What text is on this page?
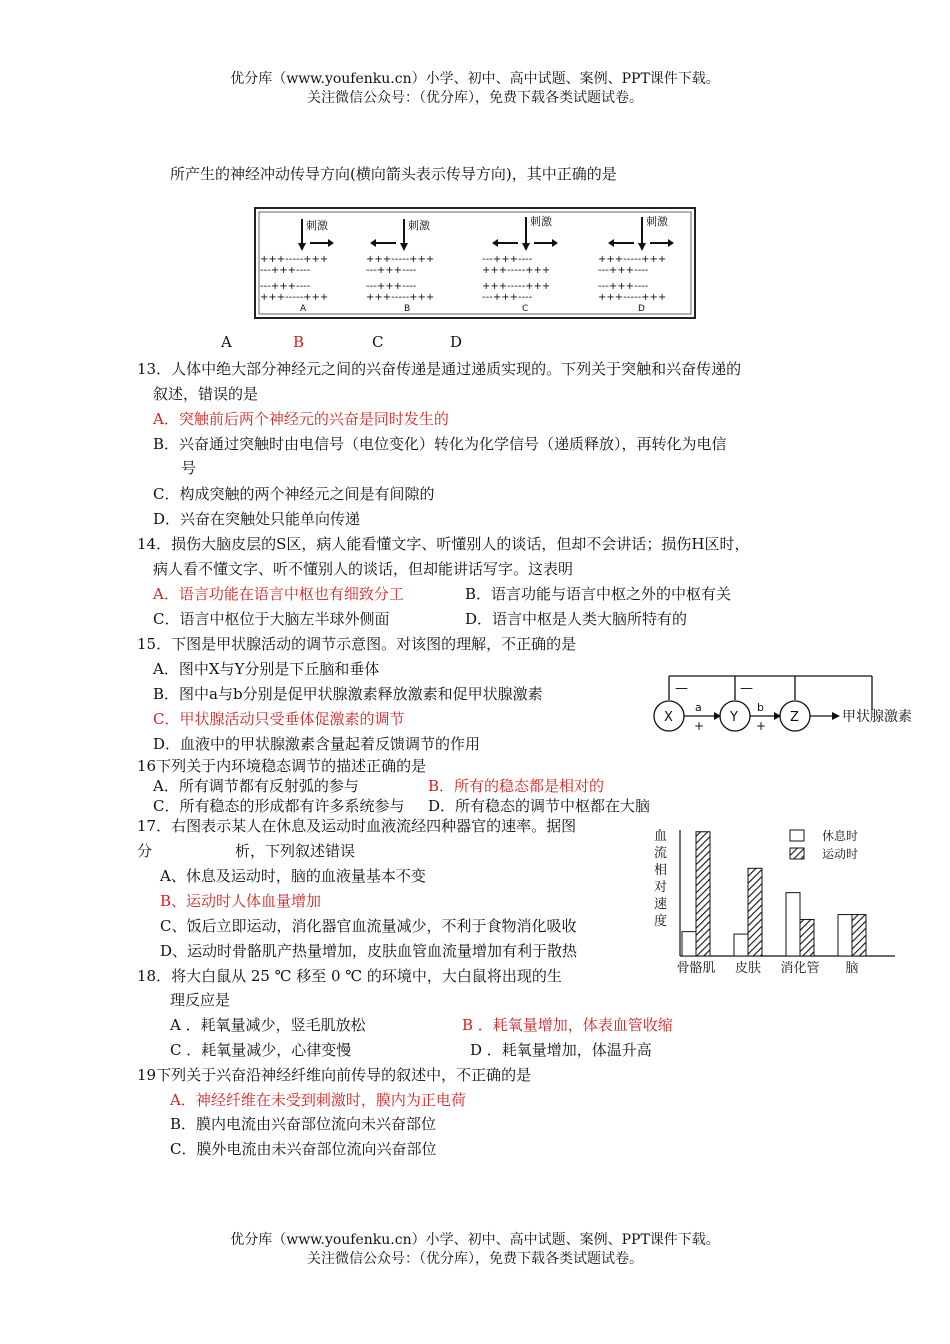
优分库（www.youfenku.cn）小学、初中、高中试题、案例、PPT课件下载。
关注微信公众号：（优分库），免费下载各类试题试卷。
所产生的神经冲动传导方向(横向箭头表示传导方向)，其中正确的是
刺激
+++-----+++
---+++----
---+++----
+++-----+++
A
刺激
+++-----+++
---+++----
---+++----
+++-----+++
B
刺激
---+++----
+++-----+++
+++-----+++
---+++----
C
刺激
+++-----+++
---+++----
---+++----
+++-----+++
D
A	B	C	D
13．人体中绝大部分神经元之间的兴奋传递是通过递质实现的。下列关于突触和兴奋传递的
叙述，错误的是
A．突触前后两个神经元的兴奋是同时发生的
B．兴奋通过突触时由电信号（电位变化）转化为化学信号（递质释放），再转化为电信
号
C．构成突触的两个神经元之间是有间隙的
D．兴奋在突触处只能单向传递
14．损伤大脑皮层的S区，病人能看懂文字、听懂别人的谈话，但却不会讲话；损伤H区时，
病人看不懂文字、听不懂别人的谈话，但却能讲话写字。这表明
A．语言功能在语言中枢也有细致分工	B．语言功能与语言中枢之外的中枢有关
C．语言中枢位于大脑左半球外侧面	D．语言中枢是人类大脑所特有的
15．下图是甲状腺活动的调节示意图。对该图的理解，不正确的是
A．图中X与Y分别是下丘脑和垂体
B．图中a与b分别是促甲状腺激素释放激素和促甲状腺激素
C．甲状腺活动只受垂体促激素的调节
D．血液中的甲状腺激素含量起着反馈调节的作用
—	—
X	Y	Z
a
+
b
+
甲状腺激素
16下列关于内环境稳态调节的描述正确的是
A．所有调节都有反射弧的参与	B．所有的稳态都是相对的
C．所有稳态的形成都有许多系统参与 D．所有稳态的调节中枢都在大脑
17．右图表示某人在休息及运动时血液流经四种器官的速率。据图
分	析，下列叙述错误
A、休息及运动时，脑的血液量基本不变
B、运动时人体血量增加
C、饭后立即运动，消化器官血流量减少，不利于食物消化吸收
D、运动时骨骼肌产热量增加，皮肤血管血流量增加有利于散热
血
流
相
对
速
度
骨骼肌 皮肤 消化管 脑
休息时
运动时
18．将大白鼠从 25 ℃ 移至 0 ℃ 的环境中，大白鼠将出现的生
理反应是
A ．耗氧量减少，竖毛肌放松	B ．耗氧量增加，体表血管收缩
C ．耗氧量减少，心律变慢	D ．耗氧量增加，体温升高
19下列关于兴奋沿神经纤维向前传导的叙述中，不正确的是
A．神经纤维在未受到刺激时，膜内为正电荷
B．膜内电流由兴奋部位流向未兴奋部位
C．膜外电流由未兴奋部位流向兴奋部位
优分库（www.youfenku.cn）小学、初中、高中试题、案例、PPT课件下载。
关注微信公众号：（优分库），免费下载各类试题试卷。
